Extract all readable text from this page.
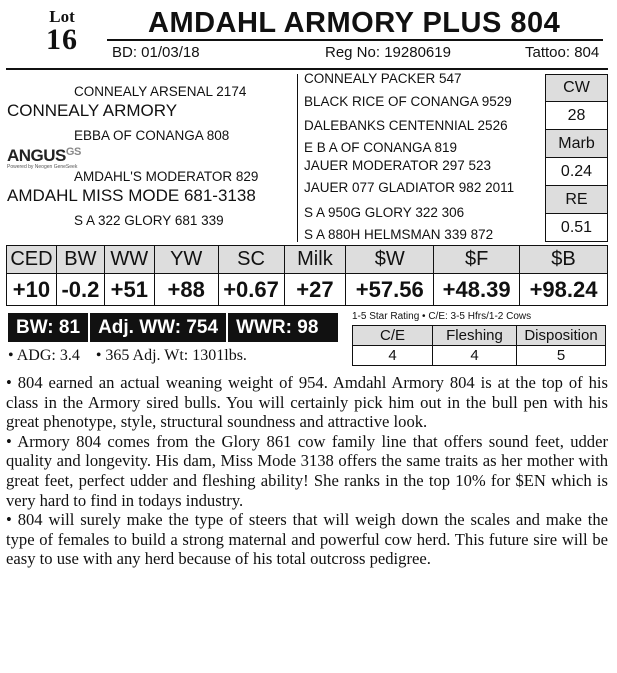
Lot
16	AMDAHL ARMORY PLUS 804
BD: 01/03/18	Reg No: 19280619	Tattoo: 804
CONNEALY ARSENAL 2174
CONNEALY ARMORY
EBBA OF CONANGA 808
$ANGUS^{GS}$
Powered by Neogen GeneSeek
AMDAHL'S MODERATOR 829
AMDAHL MISS MODE 681-3138
S A 322 GLORY 681 339
CONNEALY PACKER 547
BLACK RICE OF CONANGA 9529
DALEBANKS CENTENNIAL 2526
E B A OF CONANGA 819
JAUER MODERATOR 297 523
JAUER 077 GLADIATOR 982 2011
S A 950G GLORY 322 306
S A 880H HELMSMAN 339 872
CW
28
Marb
0.24
RE
0.51
CED	BW	WW	YW	SC	Milk	$W	$F	$B
+10	-0.2	+51	+88	+0.67	+27	+57.56	+48.39	+98.24
BW: 81 Adj. WW: 754 WWR: 98
• ADG: 3.4 • 365 Adj. Wt: 1301lbs.
1-5 Star Rating • C/E: 3-5 Hfrs/1-2 Cows
C/E	Fleshing	Disposition
4	4	5

• 804 earned an actual weaning weight of 954. Amdahl Armory 804 is at the top of his class in the Armory sired bulls. You will certainly pick him out in the bull pen with his great phenotype, style, structural soundness and attractive look.

• Armory 804 comes from the Glory 861 cow family line that offers sound feet, udder quality and longevity. His dam, Miss Mode 3138 offers the same traits as her mother with great feet, perfect udder and fleshing ability! She ranks in the top 10% for $EN which is very hard to find in todays industry.

• 804 will surely make the type of steers that will weigh down the scales and make the type of females to build a strong maternal and powerful cow herd. This future sire will be easy to use with any herd because of his total outcross pedigree.
